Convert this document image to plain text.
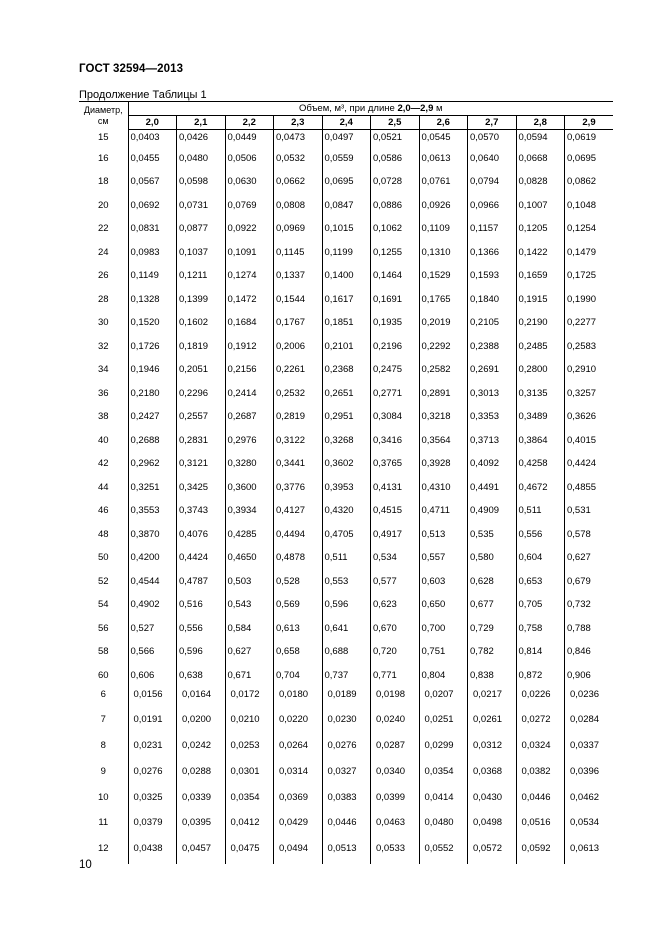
ГОСТ 32594—2013
Продолжение Таблицы 1
Диаметр,
см	Объем, м³, при длине 2,0—2,9 м									
	2,0	2,1	2,2	2,3	2,4	2,5	2,6	2,7	2,8	2,9
15	0,0403	0,0426	0,0449	0,0473	0,0497	0,0521	0,0545	0,0570	0,0594	0,0619
16	0,0455	0,0480	0,0506	0,0532	0,0559	0,0586	0,0613	0,0640	0,0668	0,0695
18	0,0567	0,0598	0,0630	0,0662	0,0695	0,0728	0,0761	0,0794	0,0828	0,0862
20	0,0692	0,0731	0,0769	0,0808	0,0847	0,0886	0,0926	0,0966	0,1007	0,1048
22	0,0831	0,0877	0,0922	0,0969	0,1015	0,1062	0,1109	0,1157	0,1205	0,1254
24	0,0983	0,1037	0,1091	0,1145	0,1199	0,1255	0,1310	0,1366	0,1422	0,1479
26	0,1149	0,1211	0,1274	0,1337	0,1400	0,1464	0,1529	0,1593	0,1659	0,1725
28	0,1328	0,1399	0,1472	0,1544	0,1617	0,1691	0,1765	0,1840	0,1915	0,1990
30	0,1520	0,1602	0,1684	0,1767	0,1851	0,1935	0,2019	0,2105	0,2190	0,2277
32	0,1726	0,1819	0,1912	0,2006	0,2101	0,2196	0,2292	0,2388	0,2485	0,2583
34	0,1946	0,2051	0,2156	0,2261	0,2368	0,2475	0,2582	0,2691	0,2800	0,2910
36	0,2180	0,2296	0,2414	0,2532	0,2651	0,2771	0,2891	0,3013	0,3135	0,3257
38	0,2427	0,2557	0,2687	0,2819	0,2951	0,3084	0,3218	0,3353	0,3489	0,3626
40	0,2688	0,2831	0,2976	0,3122	0,3268	0,3416	0,3564	0,3713	0,3864	0,4015
42	0,2962	0,3121	0,3280	0,3441	0,3602	0,3765	0,3928	0,4092	0,4258	0,4424
44	0,3251	0,3425	0,3600	0,3776	0,3953	0,4131	0,4310	0,4491	0,4672	0,4855
46	0,3553	0,3743	0,3934	0,4127	0,4320	0,4515	0,4711	0,4909	0,511	0,531
48	0,3870	0,4076	0,4285	0,4494	0,4705	0,4917	0,513	0,535	0,556	0,578
50	0,4200	0,4424	0,4650	0,4878	0,511	0,534	0,557	0,580	0,604	0,627
52	0,4544	0,4787	0,503	0,528	0,553	0,577	0,603	0,628	0,653	0,679
54	0,4902	0,516	0,543	0,569	0,596	0,623	0,650	0,677	0,705	0,732
56	0,527	0,556	0,584	0,613	0,641	0,670	0,700	0,729	0,758	0,788
58	0,566	0,596	0,627	0,658	0,688	0,720	0,751	0,782	0,814	0,846
60	0,606	0,638	0,671	0,704	0,737	0,771	0,804	0,838	0,872	0,906
6	0,0156	0,0164	0,0172	0,0180	0,0189	0,0198	0,0207	0,0217	0,0226	0,0236
7	0,0191	0,0200	0,0210	0,0220	0,0230	0,0240	0,0251	0,0261	0,0272	0,0284
8	0,0231	0,0242	0,0253	0,0264	0,0276	0,0287	0,0299	0,0312	0,0324	0,0337
9	0,0276	0,0288	0,0301	0,0314	0,0327	0,0340	0,0354	0,0368	0,0382	0,0396
10	0,0325	0,0339	0,0354	0,0369	0,0383	0,0399	0,0414	0,0430	0,0446	0,0462
11	0,0379	0,0395	0,0412	0,0429	0,0446	0,0463	0,0480	0,0498	0,0516	0,0534
12	0,0438	0,0457	0,0475	0,0494	0,0513	0,0533	0,0552	0,0572	0,0592	0,0613
10
